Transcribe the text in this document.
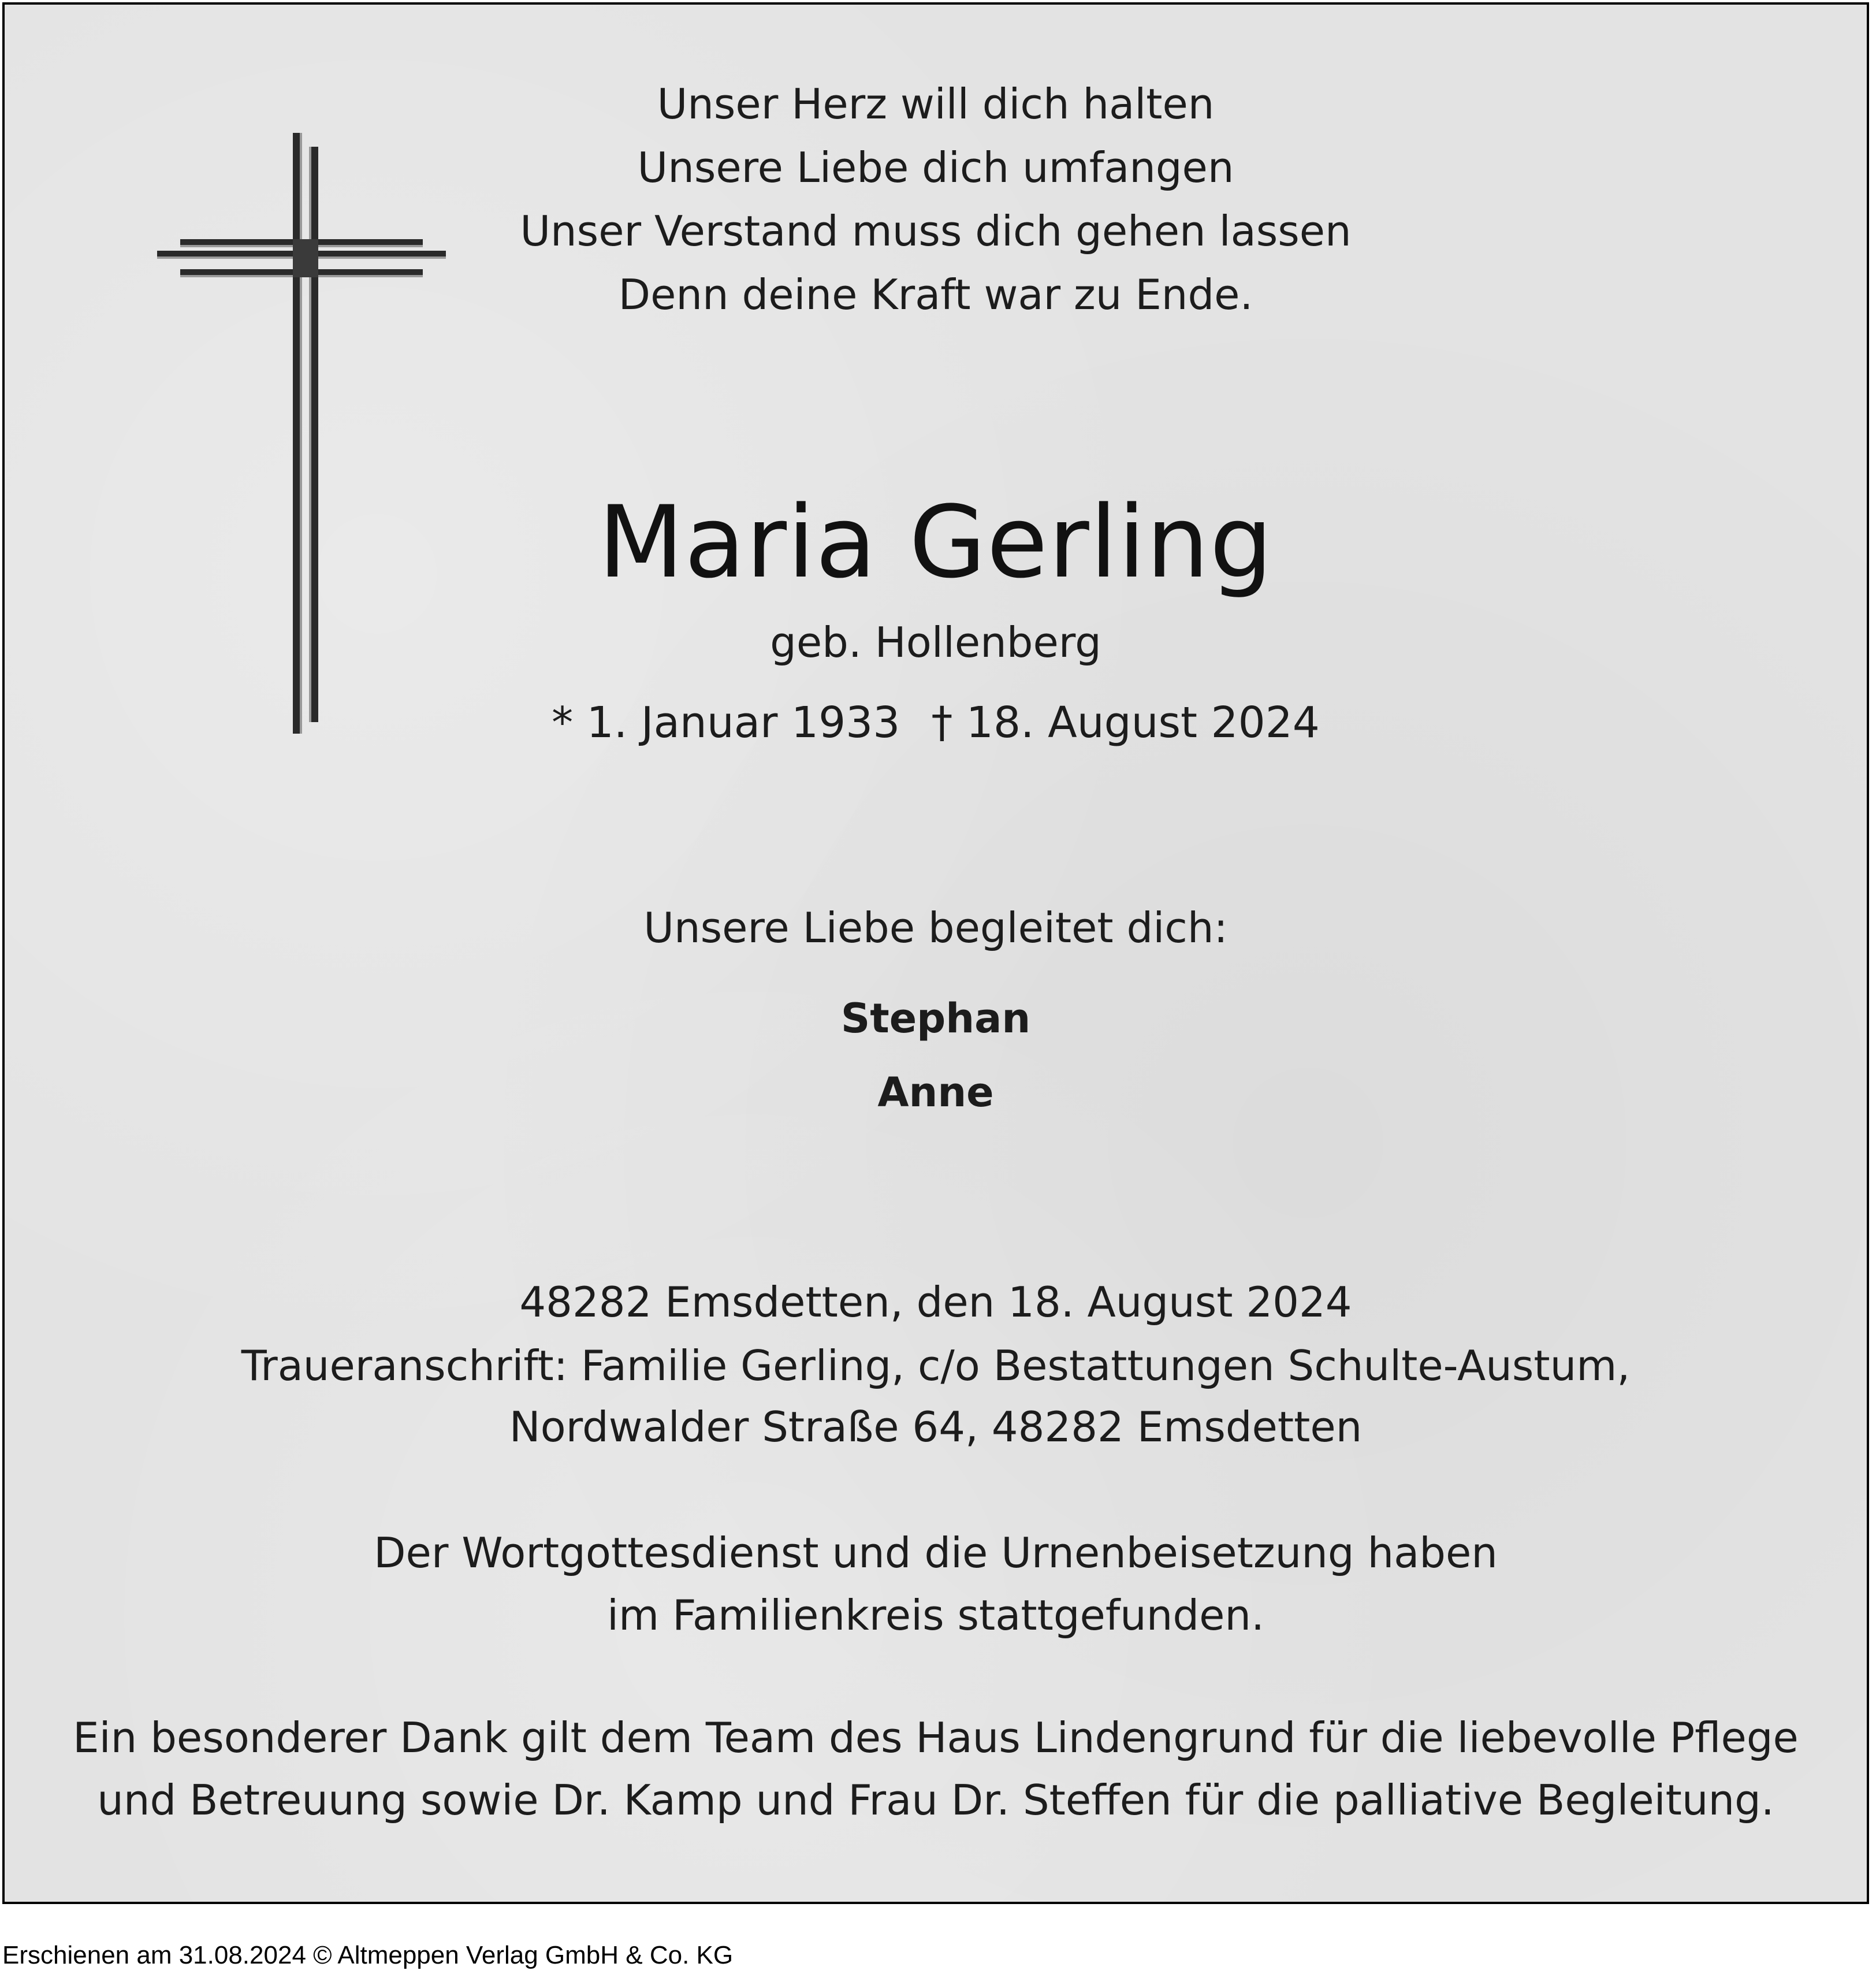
Unser Herz will dich halten
Unsere Liebe dich umfangen
Unser Verstand muss dich gehen lassen
Denn deine Kraft war zu Ende.
Maria Gerling
geb. Hollenberg
* 1. Januar 1933 † 18. August 2024
Unsere Liebe begleitet dich:
Stephan
Anne
48282 Emsdetten, den 18. August 2024
Traueranschrift: Familie Gerling, c/o Bestattungen Schulte-Austum,
Nordwalder Straße 64, 48282 Emsdetten
Der Wortgottesdienst und die Urnenbeisetzung haben
im Familienkreis stattgefunden.
Ein besonderer Dank gilt dem Team des Haus Lindengrund für die liebevolle Pflege
und Betreuung sowie Dr. Kamp und Frau Dr. Steffen für die palliative Begleitung.
Erschienen am 31.08.2024 © Altmeppen Verlag GmbH & Co. KG
